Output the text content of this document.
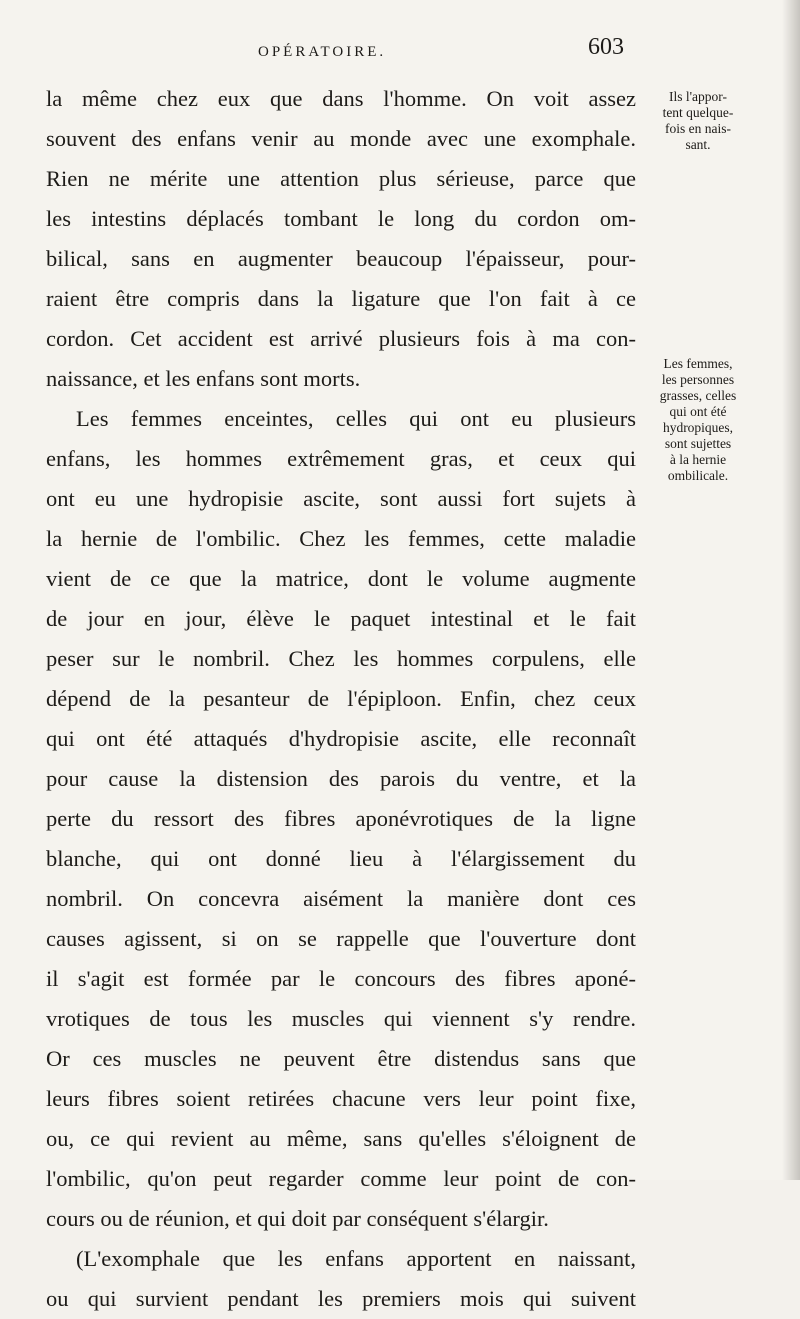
OPÉRATOIRE.	603
la même chez eux que dans l'homme. On voit assez
souvent des enfans venir au monde avec une exomphale.
Rien ne mérite une attention plus sérieuse, parce que
les intestins déplacés tombant le long du cordon om-
bilical, sans en augmenter beaucoup l'épaisseur, pour-
raient être compris dans la ligature que l'on fait à ce
cordon. Cet accident est arrivé plusieurs fois à ma con-
naissance, et les enfans sont morts.
Les femmes enceintes, celles qui ont eu plusieurs
enfans, les hommes extrêmement gras, et ceux qui
ont eu une hydropisie ascite, sont aussi fort sujets à
la hernie de l'ombilic. Chez les femmes, cette maladie
vient de ce que la matrice, dont le volume augmente
de jour en jour, élève le paquet intestinal et le fait
peser sur le nombril. Chez les hommes corpulens, elle
dépend de la pesanteur de l'épiploon. Enfin, chez ceux
qui ont été attaqués d'hydropisie ascite, elle reconnaît
pour cause la distension des parois du ventre, et la
perte du ressort des fibres aponévrotiques de la ligne
blanche, qui ont donné lieu à l'élargissement du
nombril. On concevra aisément la manière dont ces
causes agissent, si on se rappelle que l'ouverture dont
il s'agit est formée par le concours des fibres aponé-
vrotiques de tous les muscles qui viennent s'y rendre.
Or ces muscles ne peuvent être distendus sans que
leurs fibres soient retirées chacune vers leur point fixe,
ou, ce qui revient au même, sans qu'elles s'éloignent de
l'ombilic, qu'on peut regarder comme leur point de con-
cours ou de réunion, et qui doit par conséquent s'élargir.
(L'exomphale que les enfans apportent en naissant,
ou qui survient pendant les premiers mois qui suivent
Ils l'appor-
tent quelque-
fois en nais-
sant.
Les femmes,
les personnes
grasses, celles
qui ont été
hydropiques,
sont sujettes
à la hernie
ombilicale.
